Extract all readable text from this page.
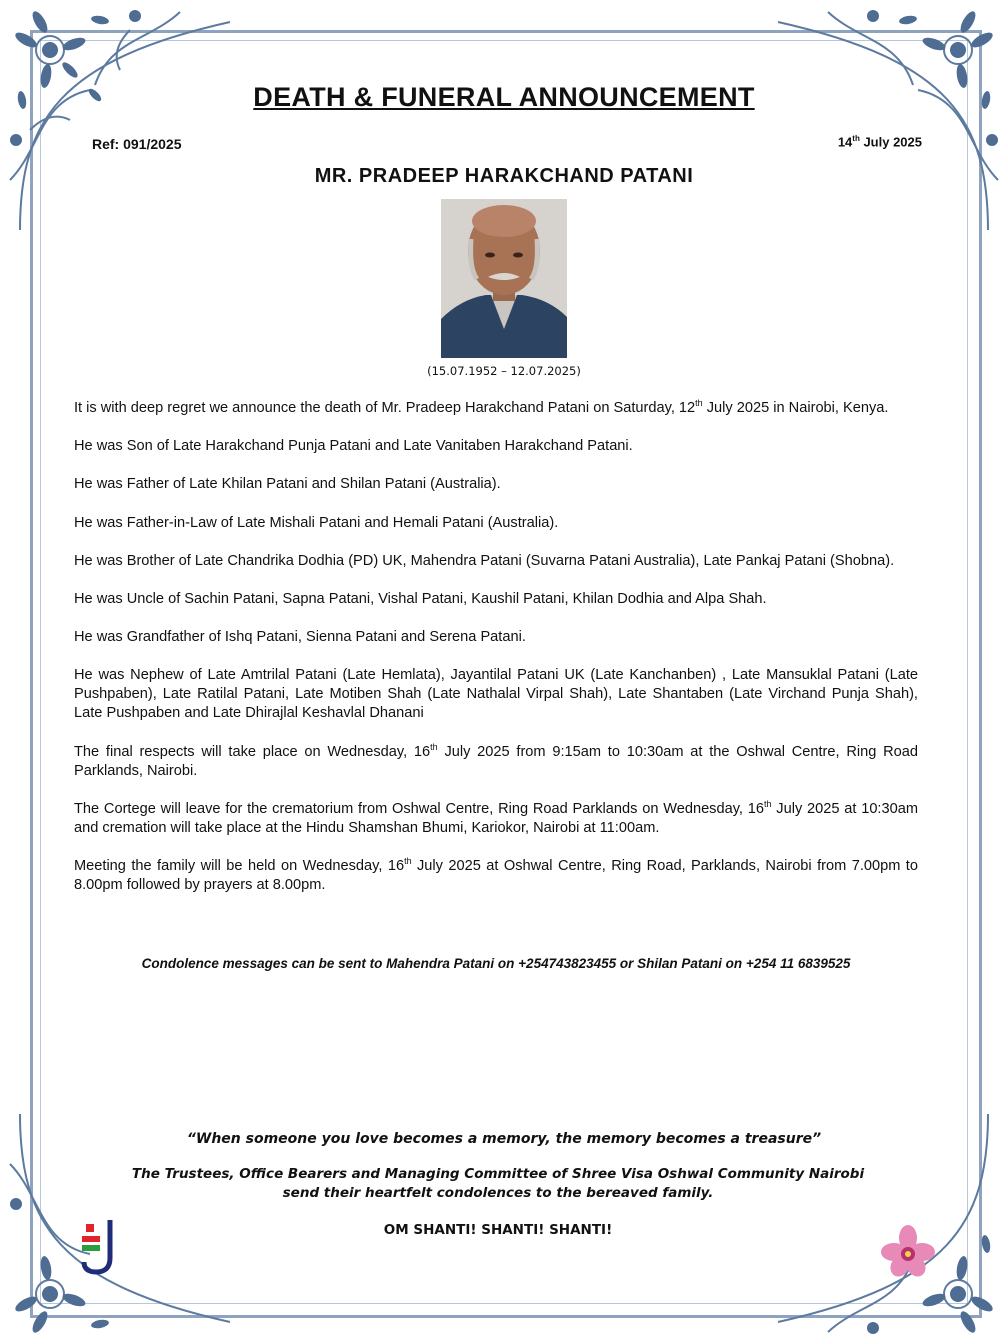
DEATH & FUNERAL ANNOUNCEMENT
Ref: 091/2025	14th July 2025
MR. PRADEEP HARAKCHAND PATANI
(15.07.1952 – 12.07.2025)

It is with deep regret we announce the death of Mr. Pradeep Harakchand Patani on Saturday, 12th July 2025 in Nairobi, Kenya.

He was Son of Late Harakchand Punja Patani and Late Vanitaben Harakchand Patani.

He was Father of Late Khilan Patani and Shilan Patani (Australia).

He was Father-in-Law of Late Mishali Patani and Hemali Patani (Australia).

He was Brother of Late Chandrika Dodhia (PD) UK, Mahendra Patani (Suvarna Patani Australia), Late Pankaj Patani (Shobna).

He was Uncle of Sachin Patani, Sapna Patani, Vishal Patani, Kaushil Patani, Khilan Dodhia and Alpa Shah.

He was Grandfather of Ishq Patani, Sienna Patani and Serena Patani.

He was Nephew of Late Amtrilal Patani (Late Hemlata), Jayantilal Patani UK (Late Kanchanben) , Late Mansuklal Patani (Late Pushpaben), Late Ratilal Patani, Late Motiben Shah (Late Nathalal Virpal Shah), Late Shantaben (Late Virchand Punja Shah), Late Pushpaben and Late Dhirajlal Keshavlal Dhanani

The final respects will take place on Wednesday, 16th July 2025 from 9:15am to 10:30am at the Oshwal Centre, Ring Road Parklands, Nairobi.

The Cortege will leave for the crematorium from Oshwal Centre, Ring Road Parklands on Wednesday, 16th July 2025 at 10:30am and cremation will take place at the Hindu Shamshan Bhumi, Kariokor, Nairobi at 11:00am.

Meeting the family will be held on Wednesday, 16th July 2025 at Oshwal Centre, Ring Road, Parklands, Nairobi from 7.00pm to 8.00pm followed by prayers at 8.00pm.

Condolence messages can be sent to Mahendra Patani on +254743823455 or Shilan Patani on +254 11 6839525
“When someone you love becomes a memory, the memory becomes a treasure”
The Trustees, Office Bearers and Managing Committee of Shree Visa Oshwal Community Nairobi
send their heartfelt condolences to the bereaved family.
OM SHANTI! SHANTI! SHANTI!
